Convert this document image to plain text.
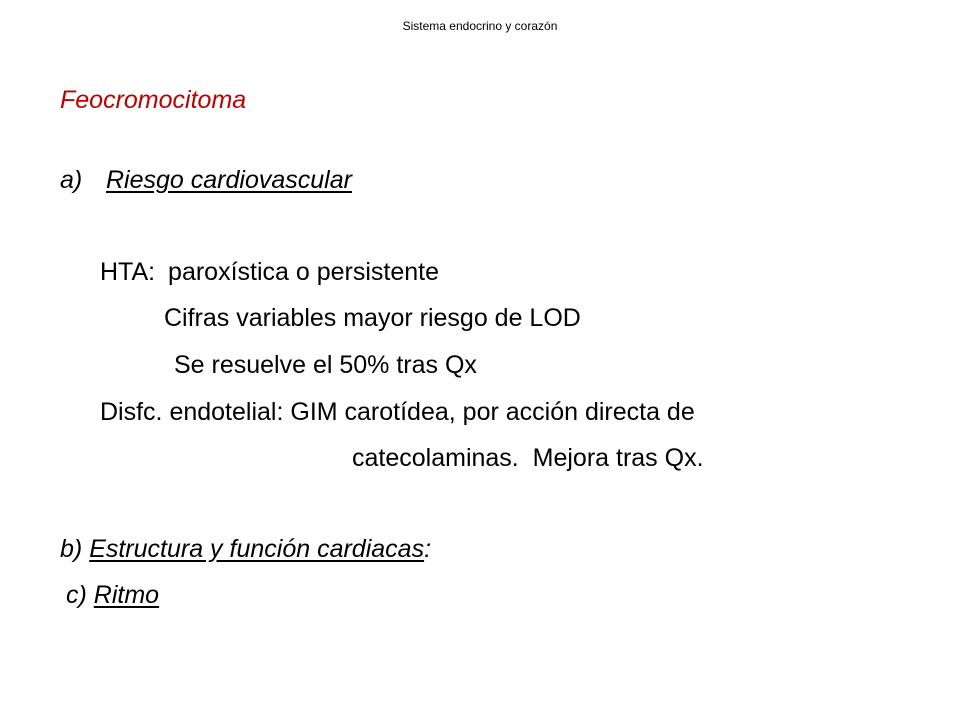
Sistema endocrino y corazón
Feocromocitoma
a) Riesgo cardiovascular
HTA: paroxística o persistente
Cifras variables mayor riesgo de LOD
Se resuelve el 50% tras Qx
Disfc. endotelial: GIM carotídea, por acción directa de
catecolaminas.  Mejora tras Qx.
b) Estructura y función cardiacas:
c) Ritmo
